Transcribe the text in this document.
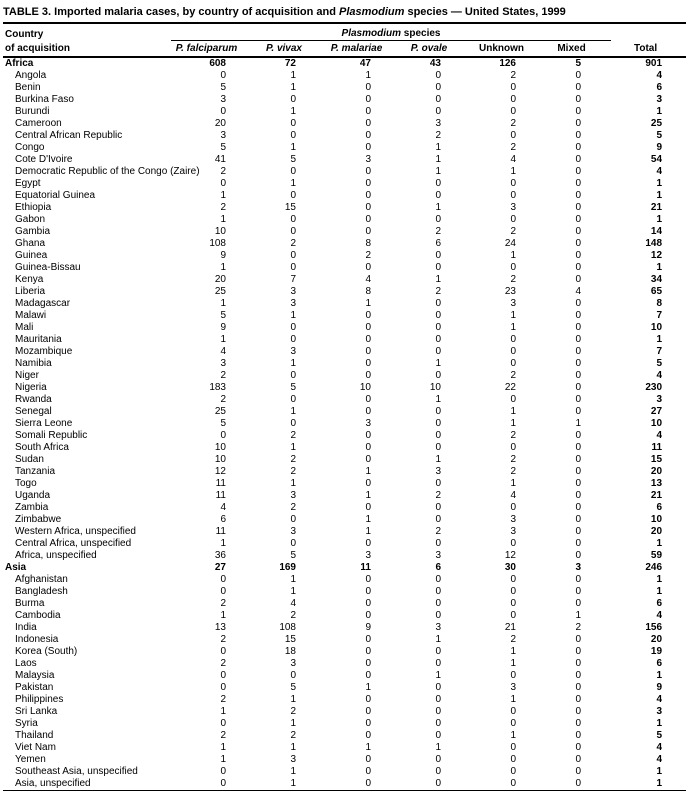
TABLE 3. Imported malaria cases, by country of acquisition and Plasmodium species — United States, 1999
Country	Plasmodium species						
of acquisition	P. falciparum	P. vivax	P. malariae	P. ovale	Unknown	Mixed	Total
Africa	608	72	47	43	126	5	901
Angola	0	1	1	0	2	0	4
Benin	5	1	0	0	0	0	6
Burkina Faso	3	0	0	0	0	0	3
Burundi	0	1	0	0	0	0	1
Cameroon	20	0	0	3	2	0	25
Central African Republic	3	0	0	2	0	0	5
Congo	5	1	0	1	2	0	9
Cote D'Ivoire	41	5	3	1	4	0	54
Democratic Republic of the Congo (Zaire)	2	0	0	1	1	0	4
Egypt	0	1	0	0	0	0	1
Equatorial Guinea	1	0	0	0	0	0	1
Ethiopia	2	15	0	1	3	0	21
Gabon	1	0	0	0	0	0	1
Gambia	10	0	0	2	2	0	14
Ghana	108	2	8	6	24	0	148
Guinea	9	0	2	0	1	0	12
Guinea-Bissau	1	0	0	0	0	0	1
Kenya	20	7	4	1	2	0	34
Liberia	25	3	8	2	23	4	65
Madagascar	1	3	1	0	3	0	8
Malawi	5	1	0	0	1	0	7
Mali	9	0	0	0	1	0	10
Mauritania	1	0	0	0	0	0	1
Mozambique	4	3	0	0	0	0	7
Namibia	3	1	0	1	0	0	5
Niger	2	0	0	0	2	0	4
Nigeria	183	5	10	10	22	0	230
Rwanda	2	0	0	1	0	0	3
Senegal	25	1	0	0	1	0	27
Sierra Leone	5	0	3	0	1	1	10
Somali Republic	0	2	0	0	2	0	4
South Africa	10	1	0	0	0	0	11
Sudan	10	2	0	1	2	0	15
Tanzania	12	2	1	3	2	0	20
Togo	11	1	0	0	1	0	13
Uganda	11	3	1	2	4	0	21
Zambia	4	2	0	0	0	0	6
Zimbabwe	6	0	1	0	3	0	10
Western Africa, unspecified	11	3	1	2	3	0	20
Central Africa, unspecified	1	0	0	0	0	0	1
Africa, unspecified	36	5	3	3	12	0	59
Asia	27	169	11	6	30	3	246
Afghanistan	0	1	0	0	0	0	1
Bangladesh	0	1	0	0	0	0	1
Burma	2	4	0	0	0	0	6
Cambodia	1	2	0	0	0	1	4
India	13	108	9	3	21	2	156
Indonesia	2	15	0	1	2	0	20
Korea (South)	0	18	0	0	1	0	19
Laos	2	3	0	0	1	0	6
Malaysia	0	0	0	1	0	0	1
Pakistan	0	5	1	0	3	0	9
Philippines	2	1	0	0	1	0	4
Sri Lanka	1	2	0	0	0	0	3
Syria	0	1	0	0	0	0	1
Thailand	2	2	0	0	1	0	5
Viet Nam	1	1	1	1	0	0	4
Yemen	1	3	0	0	0	0	4
Southeast Asia, unspecified	0	1	0	0	0	0	1
Asia, unspecified	0	1	0	0	0	0	1
